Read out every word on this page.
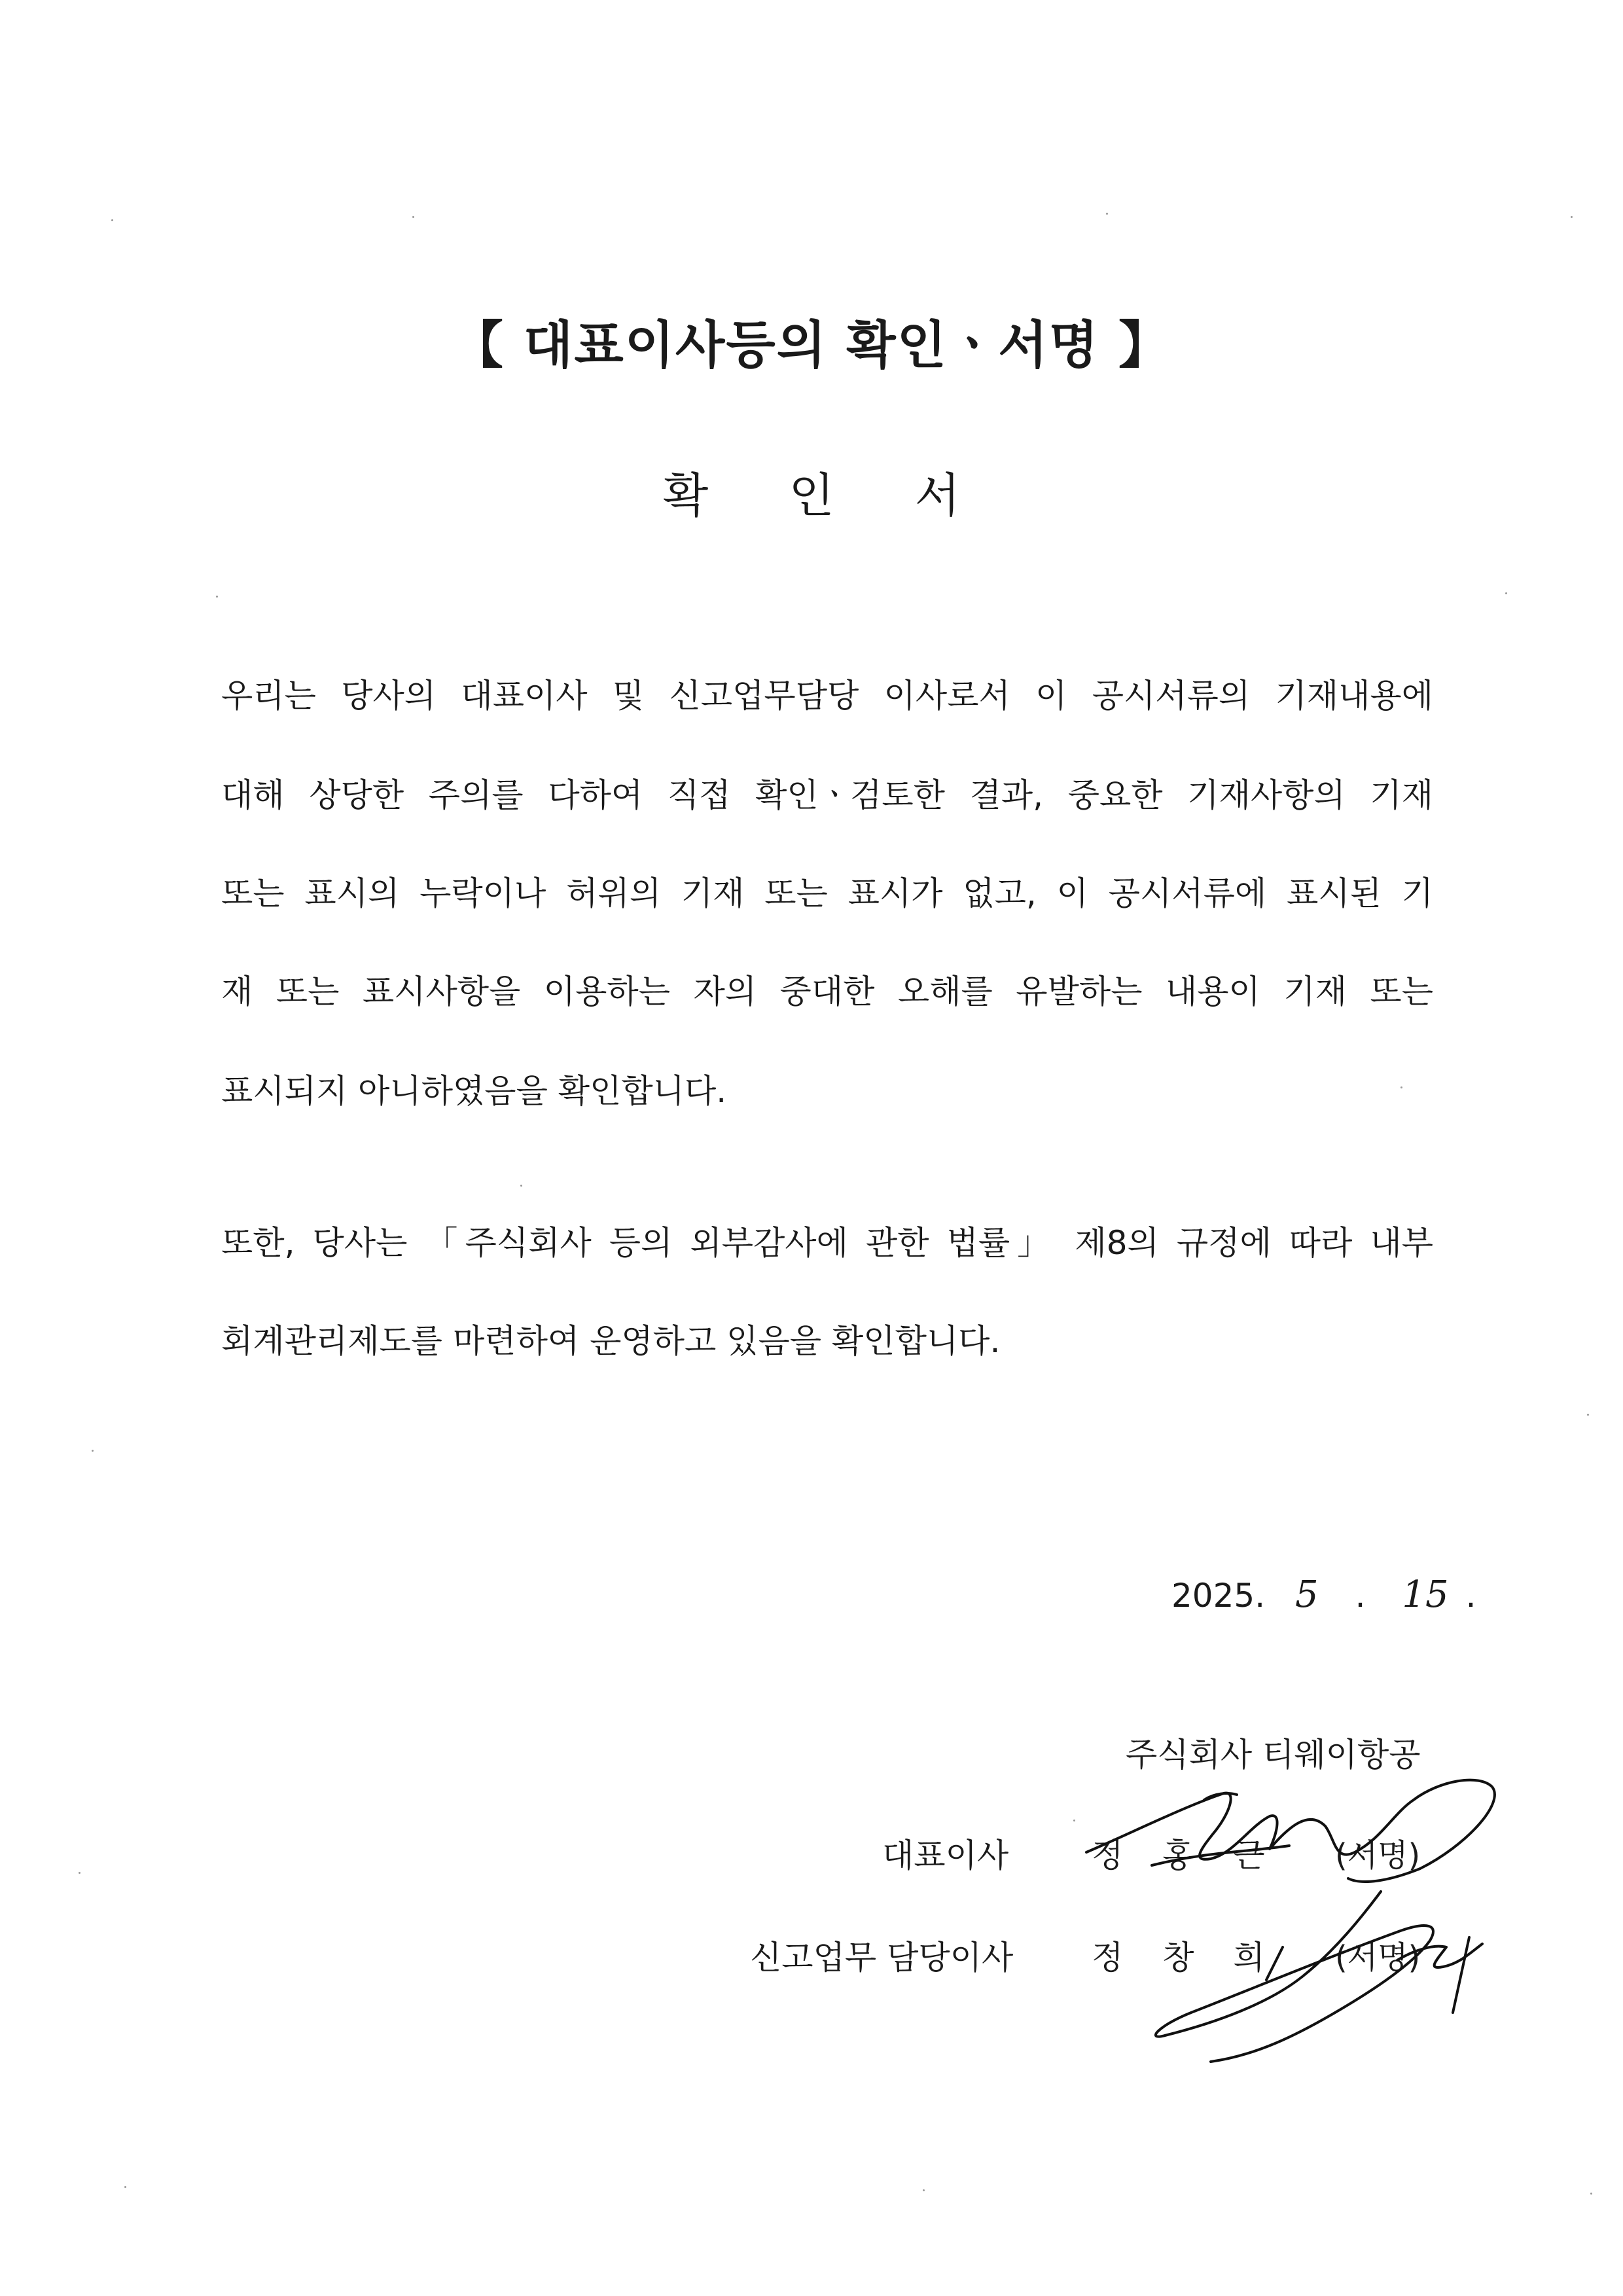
【 대표이사등의 확인ㆍ서명 】
확 인 서
우리는 당사의 대표이사 및 신고업무담당 이사로서 이 공시서류의 기재내용에
대해 상당한 주의를 다하여 직접 확인ㆍ검토한 결과, 중요한 기재사항의 기재
또는 표시의 누락이나 허위의 기재 또는 표시가 없고, 이 공시서류에 표시된 기
재 또는 표시사항을 이용하는 자의 중대한 오해를 유발하는 내용이 기재 또는
표시되지 아니하였음을 확인합니다.
또한, 당사는 「주식회사 등의 외부감사에 관한 법률」 제8의 규정에 따라 내부
회계관리제도를 마련하여 운영하고 있음을 확인합니다.
2025. 5 . 15 .
주식회사 티웨이항공
대표이사	정 홍 근 (서명)
신고업무 담당이사 정 창 희 (서명)
